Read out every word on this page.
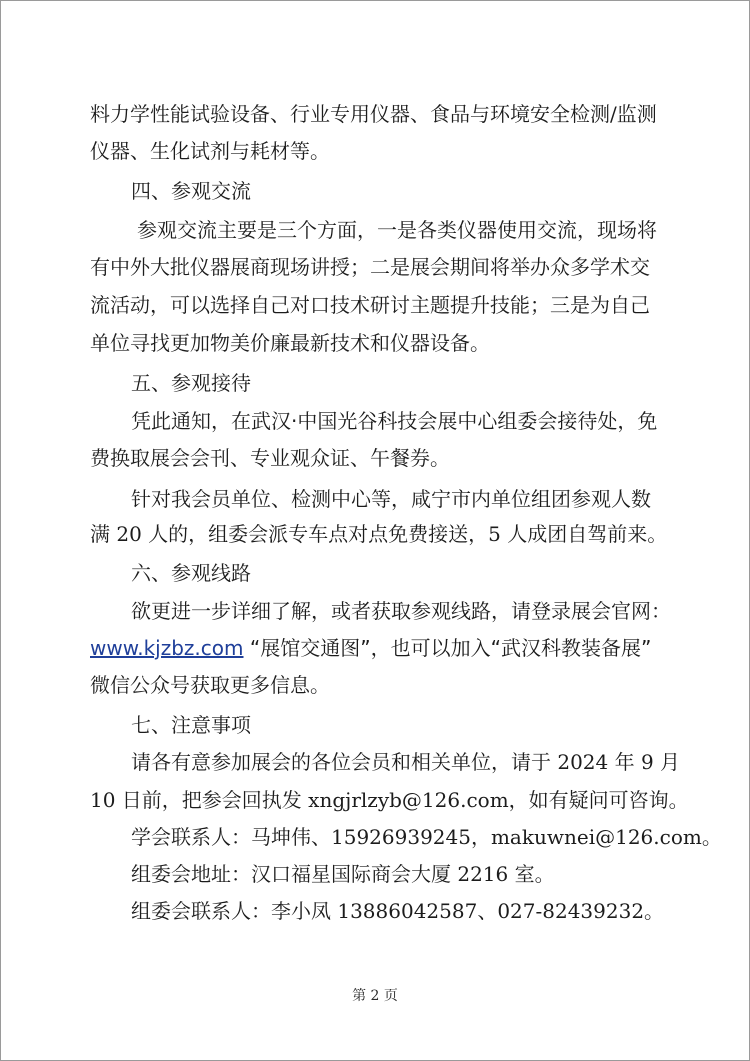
料力学性能试验设备、行业专用仪器、食品与环境安全检测/监测
仪器、生化试剂与耗材等。
四、参观交流
参观交流主要是三个方面，一是各类仪器使用交流，现场将
有中外大批仪器展商现场讲授；二是展会期间将举办众多学术交
流活动，可以选择自己对口技术研讨主题提升技能；三是为自己
单位寻找更加物美价廉最新技术和仪器设备。
五、参观接待
凭此通知，在武汉·中国光谷科技会展中心组委会接待处，免
费换取展会会刊、专业观众证、午餐券。
针对我会员单位、检测中心等，咸宁市内单位组团参观人数
满 20 人的，组委会派专车点对点免费接送，5 人成团自驾前来。
六、参观线路
欲更进一步详细了解，或者获取参观线路，请登录展会官网：
www.kjzbz.com “展馆交通图”，也可以加入“武汉科教装备展”
微信公众号获取更多信息。
七、注意事项
请各有意参加展会的各位会员和相关单位，请于 2024 年 9 月
10 日前，把参会回执发 xngjrlzyb@126.com，如有疑问可咨询。
学会联系人：马坤伟、15926939245，makuwnei@126.com。
组委会地址：汉口福星国际商会大厦 2216 室。
组委会联系人：李小凤 13886042587、027-82439232。
第 2 页
